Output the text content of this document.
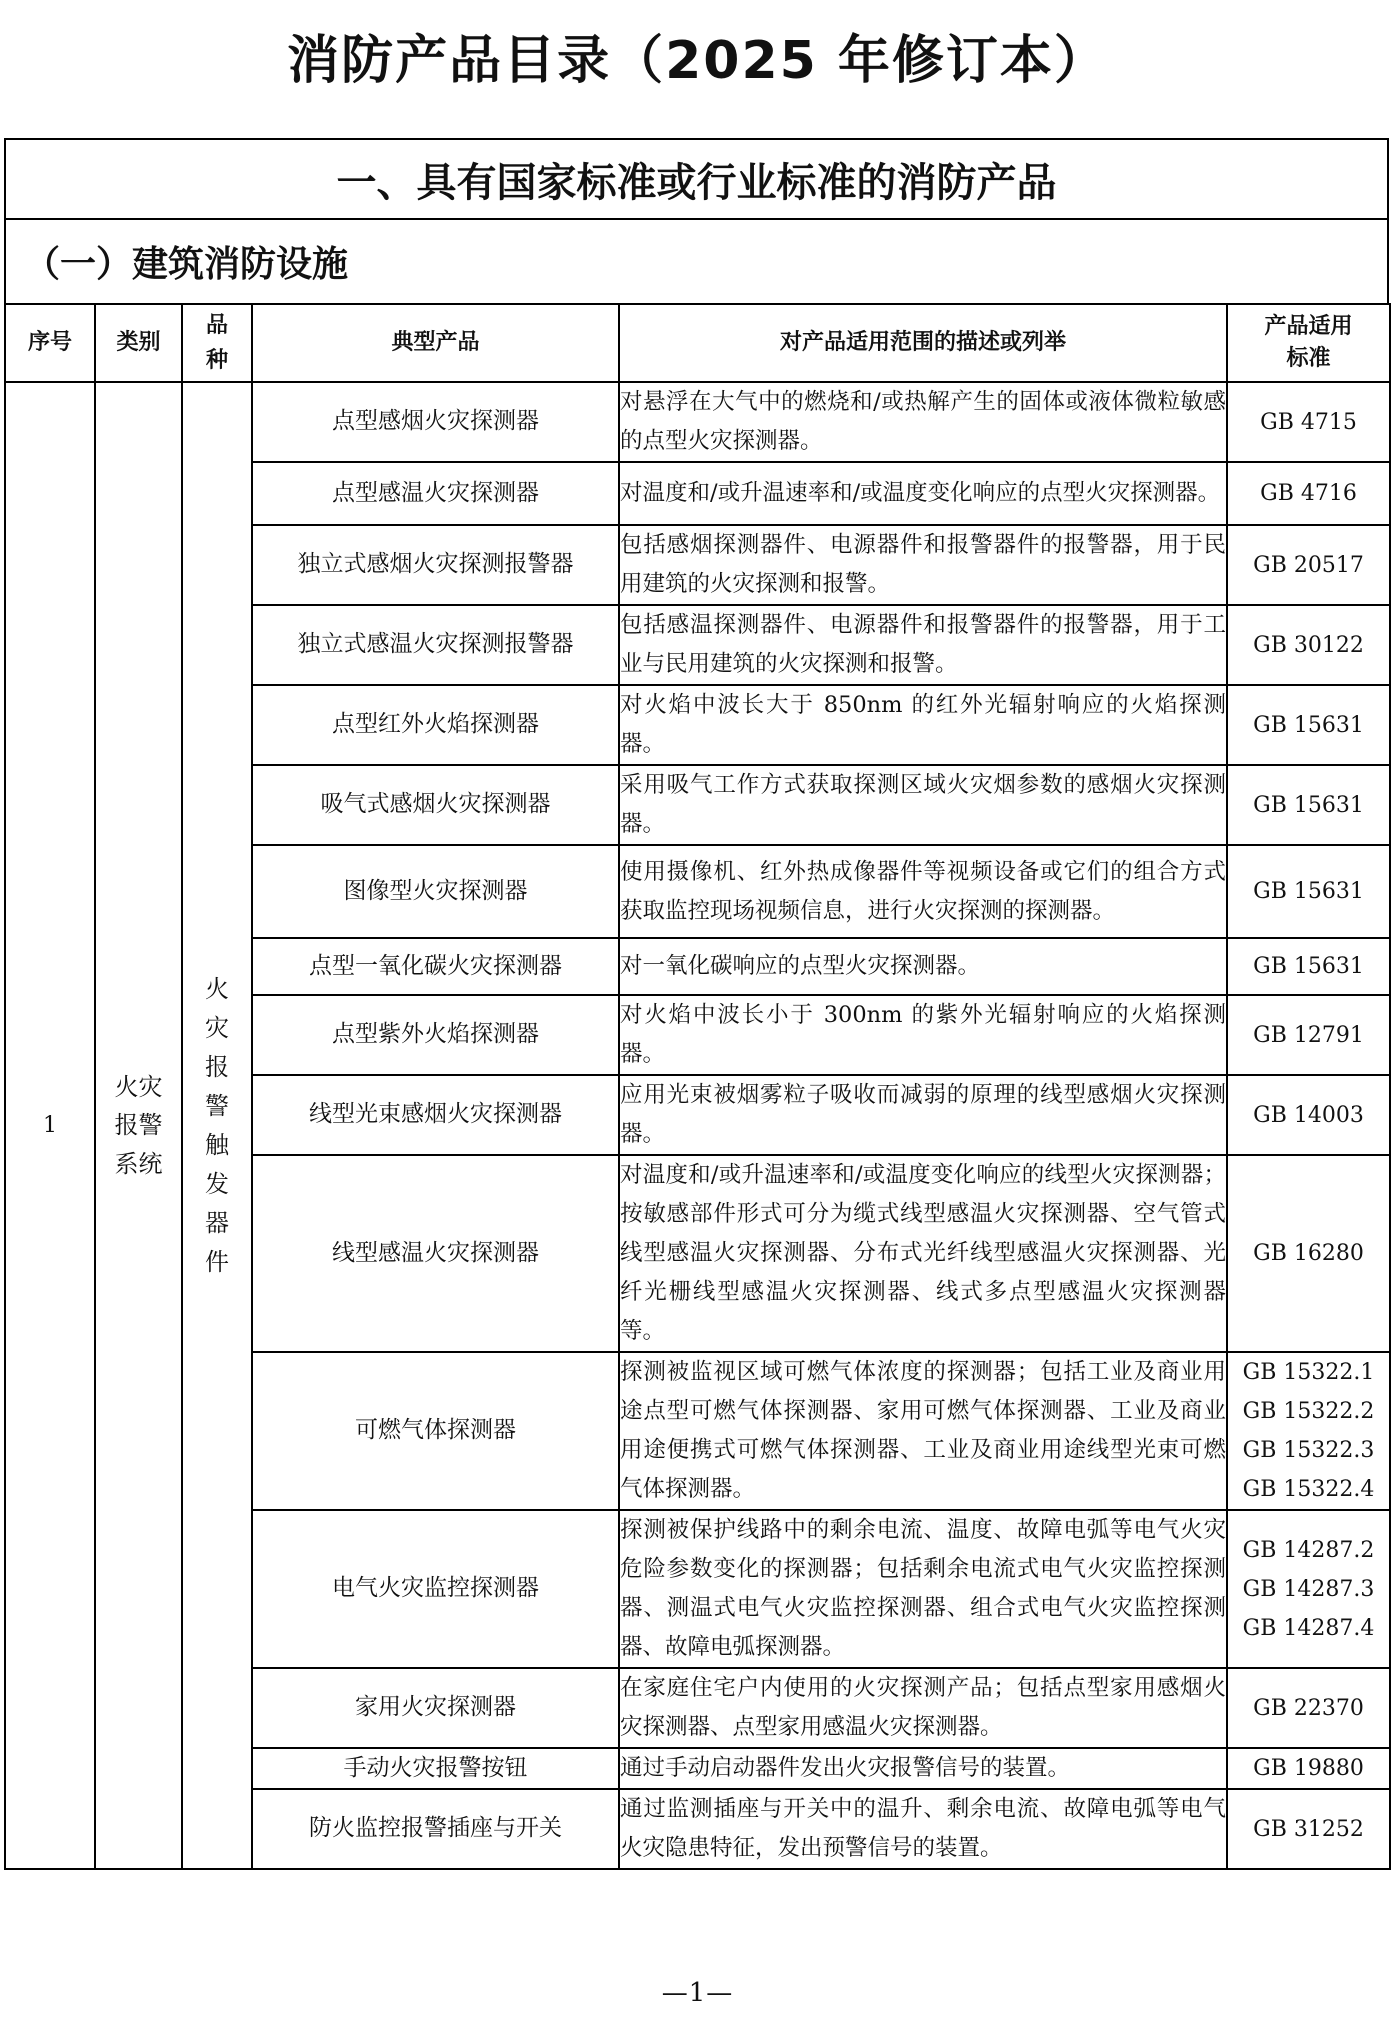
消防产品目录（2025 年修订本）
一、具有国家标准或行业标准的消防产品
（一）建筑消防设施
序号	类别	品种	典型产品	对产品适用范围的描述或列举	产品适用标准
1	火灾报警系统	火灾报警触发器件	点型感烟火灾探测器	对悬浮在大气中的燃烧和/或热解产生的固体或液体微粒敏感的点型火灾探测器。	GB 4715

			点型感温火灾探测器	对温度和/或升温速率和/或温度变化响应的点型火灾探测器。	GB 4716

			独立式感烟火灾探测报警器	包括感烟探测器件、电源器件和报警器件的报警器，用于民用建筑的火灾探测和报警。	GB 20517

			独立式感温火灾探测报警器	包括感温探测器件、电源器件和报警器件的报警器，用于工业与民用建筑的火灾探测和报警。	GB 30122

			点型红外火焰探测器	对火焰中波长大于 850nm 的红外光辐射响应的火焰探测器。	GB 15631

			吸气式感烟火灾探测器	采用吸气工作方式获取探测区域火灾烟参数的感烟火灾探测器。	GB 15631

			图像型火灾探测器	使用摄像机、红外热成像器件等视频设备或它们的组合方式获取监控现场视频信息，进行火灾探测的探测器。	GB 15631

			点型一氧化碳火灾探测器	对一氧化碳响应的点型火灾探测器。	GB 15631

			点型紫外火焰探测器	对火焰中波长小于 300nm 的紫外光辐射响应的火焰探测器。	GB 12791

			线型光束感烟火灾探测器	应用光束被烟雾粒子吸收而减弱的原理的线型感烟火灾探测器。	GB 14003

			线型感温火灾探测器	对温度和/或升温速率和/或温度变化响应的线型火灾探测器；按敏感部件形式可分为缆式线型感温火灾探测器、空气管式线型感温火灾探测器、分布式光纤线型感温火灾探测器、光纤光栅线型感温火灾探测器、线式多点型感温火灾探测器等。	GB 16280

			可燃气体探测器	探测被监视区域可燃气体浓度的探测器；包括工业及商业用途点型可燃气体探测器、家用可燃气体探测器、工业及商业用途便携式可燃气体探测器、工业及商业用途线型光束可燃气体探测器。	GB 15322.1
GB 15322.2
GB 15322.3
GB 15322.4

			电气火灾监控探测器	探测被保护线路中的剩余电流、温度、故障电弧等电气火灾危险参数变化的探测器；包括剩余电流式电气火灾监控探测器、测温式电气火灾监控探测器、组合式电气火灾监控探测器、故障电弧探测器。	GB 14287.2
GB 14287.3
GB 14287.4

			家用火灾探测器	在家庭住宅户内使用的火灾探测产品；包括点型家用感烟火灾探测器、点型家用感温火灾探测器。	GB 22370

			手动火灾报警按钮	通过手动启动器件发出火灾报警信号的装置。	GB 19880

			防火监控报警插座与开关	通过监测插座与开关中的温升、剩余电流、故障电弧等电气火灾隐患特征，发出预警信号的装置。	GB 31252
—1—
